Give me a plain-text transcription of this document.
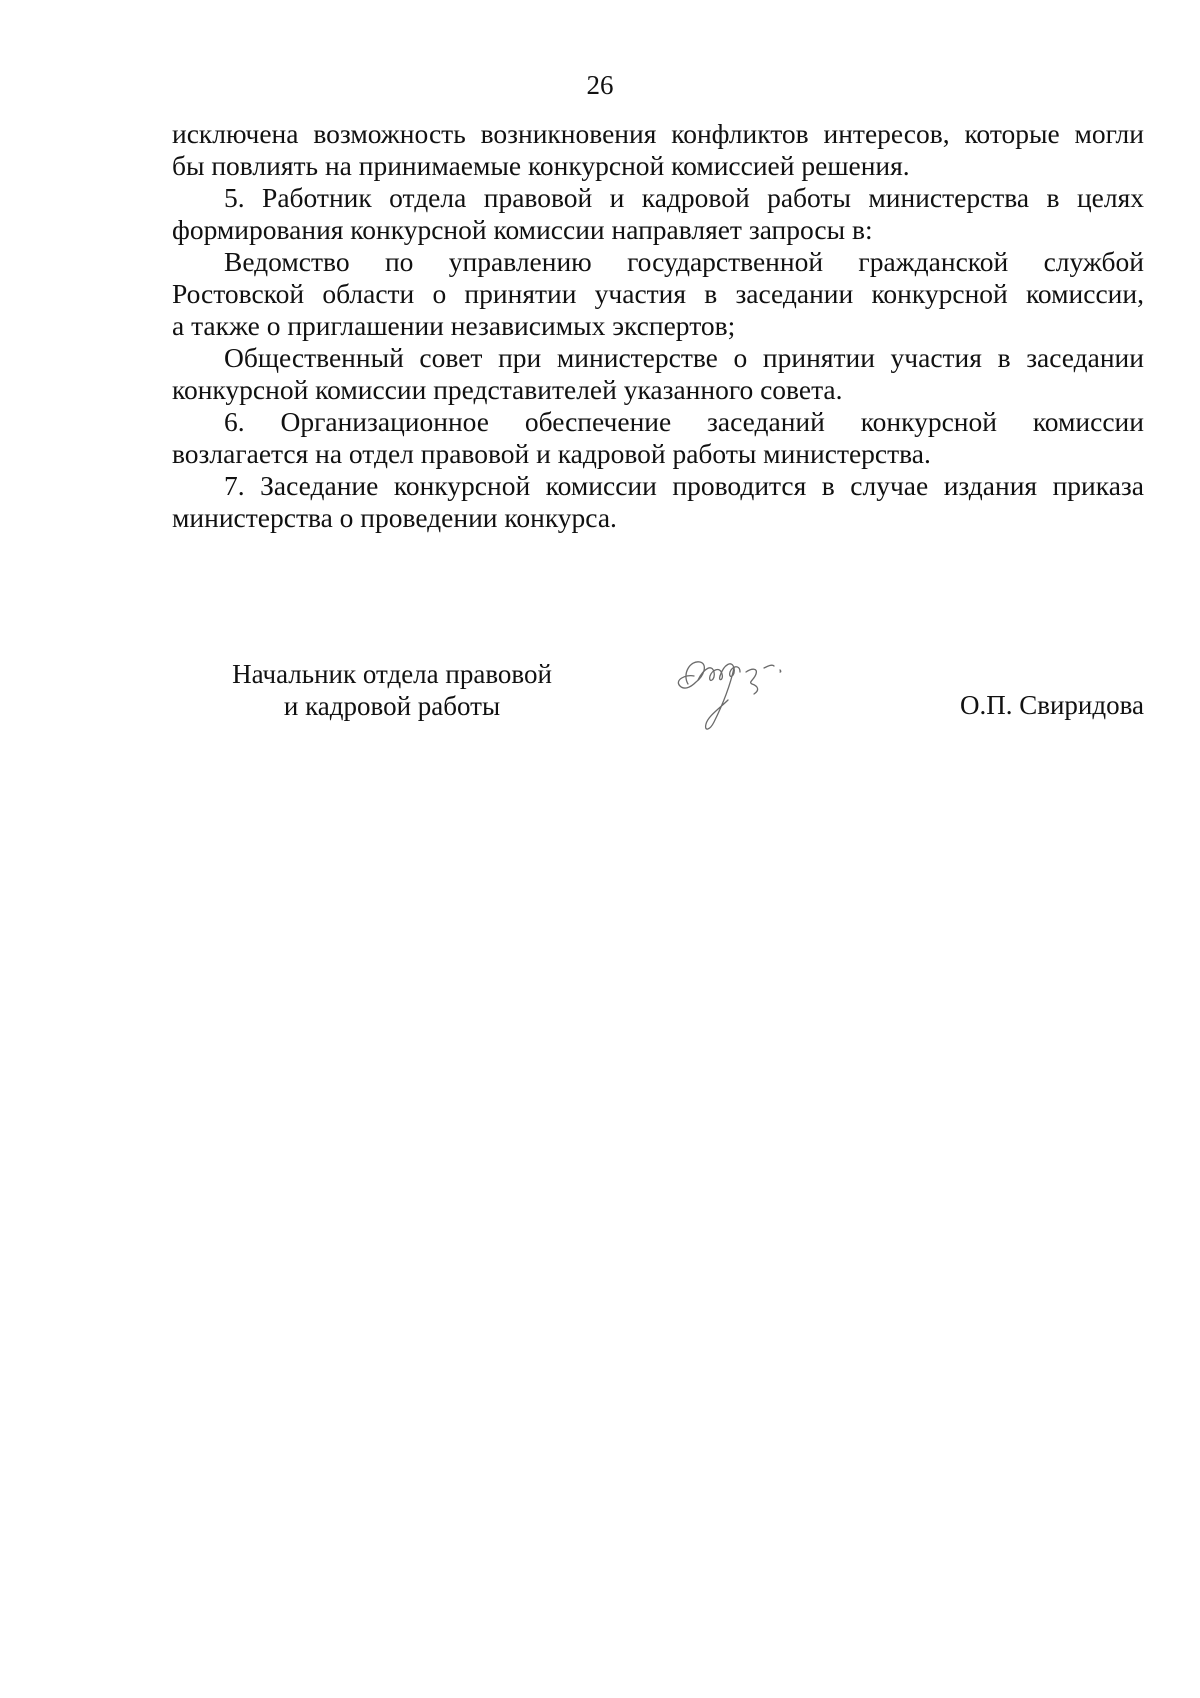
26
исключена возможность возникновения конфликтов интересов, которые могли
бы повлиять на принимаемые конкурсной комиссией решения.
5. Работник отдела правовой и кадровой работы министерства в целях
формирования конкурсной комиссии направляет запросы в:
Ведомство по управлению государственной гражданской службой
Ростовской области о принятии участия в заседании конкурсной комиссии,
а также о приглашении независимых экспертов;
Общественный совет при министерстве о принятии участия в заседании
конкурсной комиссии представителей указанного совета.
6. Организационное обеспечение заседаний конкурсной комиссии
возлагается на отдел правовой и кадровой работы министерства.
7. Заседание конкурсной комиссии проводится в случае издания приказа
министерства о проведении конкурса.
Начальник отдела правовой
и кадровой работы	О.П. Свиридова
